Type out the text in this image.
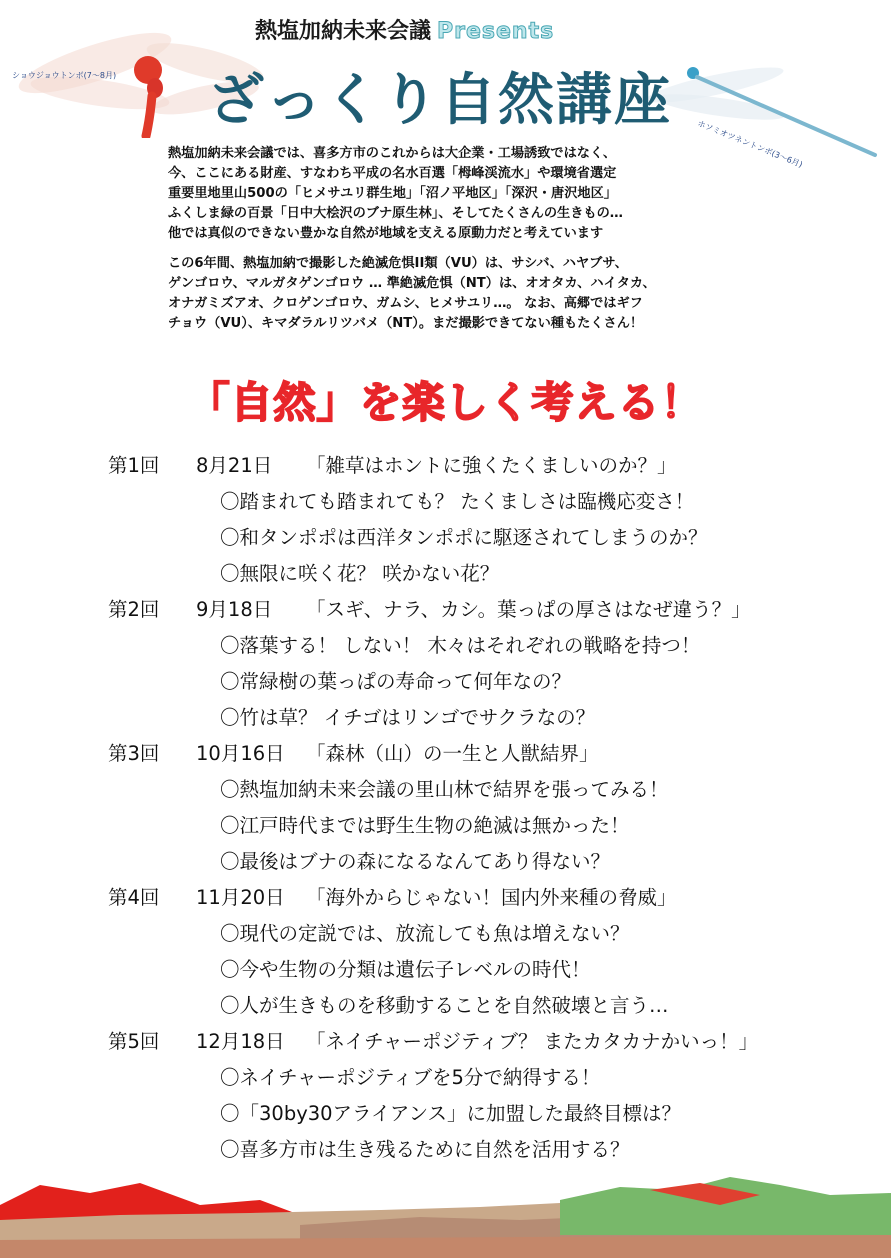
熱塩加納未来会議 Presents
ショウジョウトンボ(7～8月)
ホソミオツネントンボ(3～6月)
ざっくり自然講座

熱塩加納未来会議では、喜多方市のこれからは大企業・工場誘致ではなく、

今、ここにある財産、すなわち平成の名水百選「栂峰渓流水」や環境省選定

重要里地里山500の「ヒメサユリ群生地」「沼ノ平地区」「深沢・唐沢地区」

ふくしま緑の百景「日中大桧沢のブナ原生林」、そしてたくさんの生きもの…

他では真似のできない豊かな自然が地域を支える原動力だと考えています

この6年間、熱塩加納で撮影した絶滅危惧II類（VU）は、サシバ、ハヤブサ、

ゲンゴロウ、マルガタゲンゴロウ … 準絶滅危惧（NT）は、オオタカ、ハイタカ、

オナガミズアオ、クロゲンゴロウ、ガムシ、ヒメサユリ…。 なお、高郷ではギフ

チョウ（VU）、キマダラルリツバメ（NT）。まだ撮影できてない種もたくさん！

「自然」を楽しく考える！
第1回 8月21日 「雑草はホントに強くたくましいのか？」
〇踏まれても踏まれても？ たくましさは臨機応変さ！
〇和タンポポは西洋タンポポに駆逐されてしまうのか？
〇無限に咲く花？ 咲かない花？
第2回 9月18日 「スギ、ナラ、カシ。葉っぱの厚さはなぜ違う？」
〇落葉する！ しない！ 木々はそれぞれの戦略を持つ！
〇常緑樹の葉っぱの寿命って何年なの？
〇竹は草？ イチゴはリンゴでサクラなの？
第3回 10月16日 「森林（山）の一生と人獣結界」
〇熱塩加納未来会議の里山林で結界を張ってみる！
〇江戸時代までは野生生物の絶滅は無かった！
〇最後はブナの森になるなんてあり得ない？
第4回 11月20日 「海外からじゃない！国内外来種の脅威」
〇現代の定説では、放流しても魚は増えない？
〇今や生物の分類は遺伝子レベルの時代！
〇人が生きものを移動することを自然破壊と言う…
第5回 12月18日 「ネイチャーポジティブ？ またカタカナかいっ！」
〇ネイチャーポジティブを5分で納得する！
〇「30by30アライアンス」に加盟した最終目標は？
〇喜多方市は生き残るために自然を活用する？
